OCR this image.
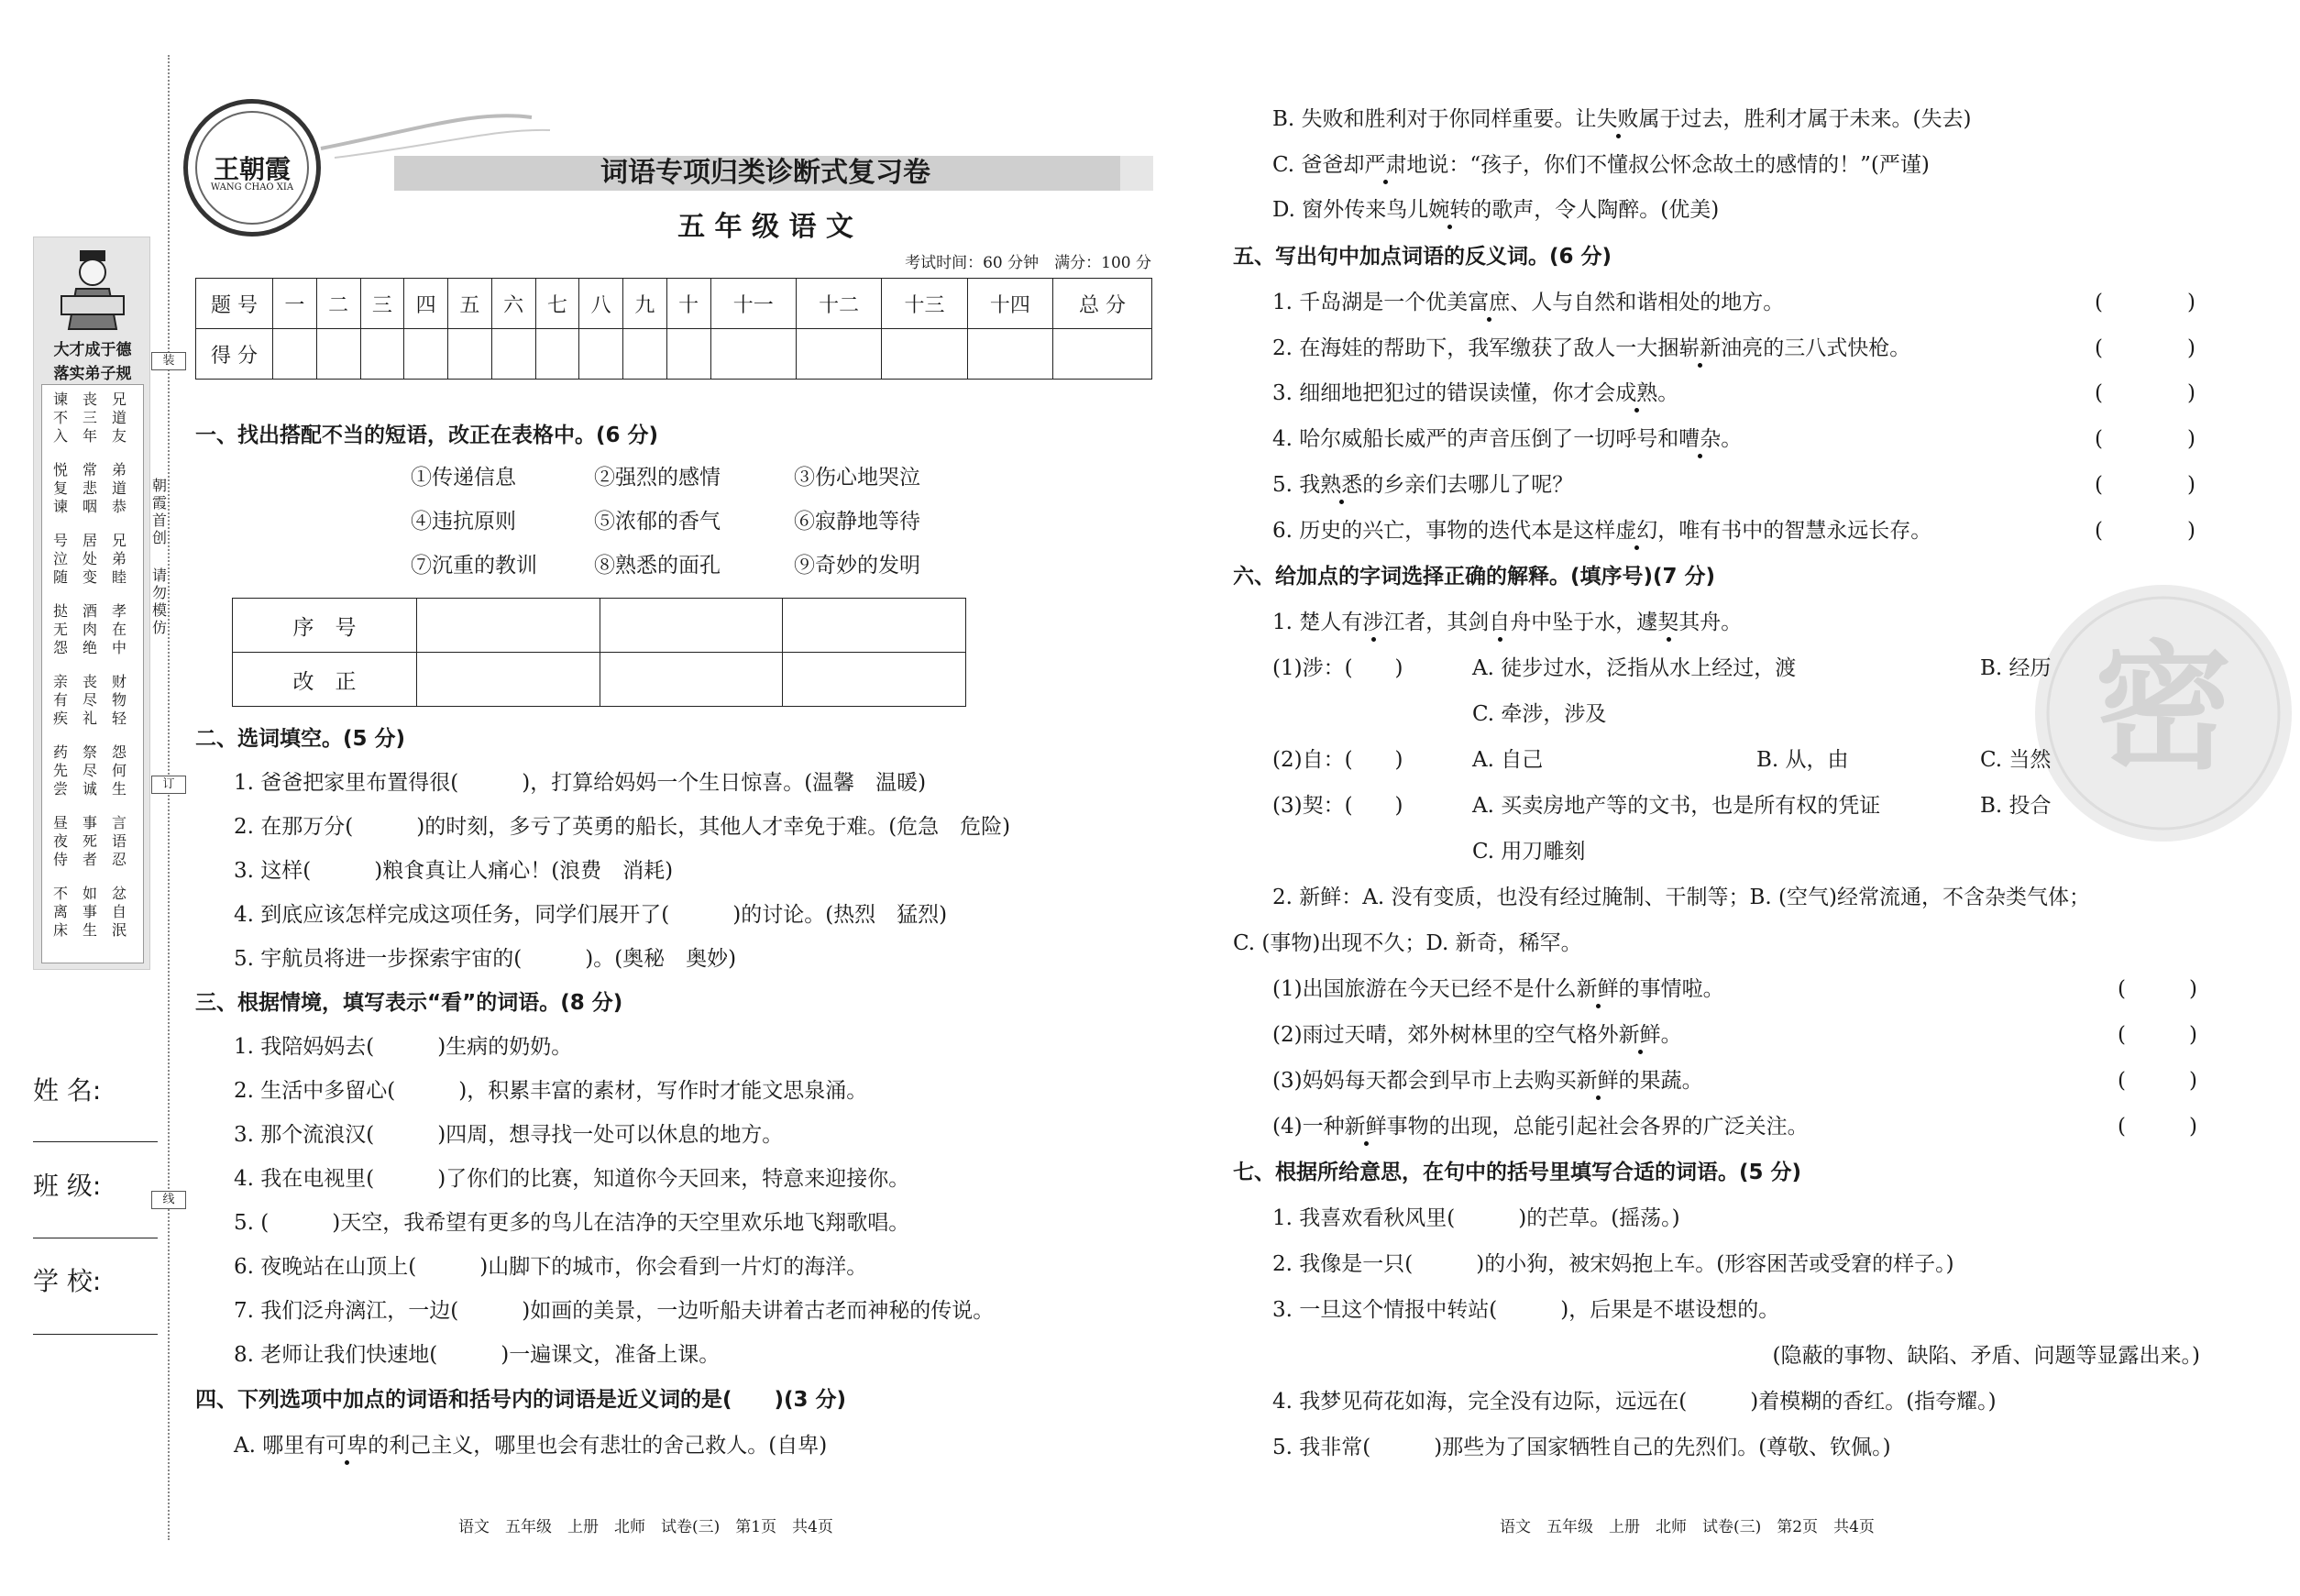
装
订
线
朝霞首创
请勿模仿
大才成于德
落实弟子规
兄道友
丧三年
谏不入
弟道恭
常悲咽
悦复谏
兄弟睦
居处变
号泣随
孝在中
酒肉绝
挞无怨
财物轻
丧尽礼
亲有疾
怨何生
祭尽诚
药先尝
言语忍
事死者
昼夜侍
忿自泯
如事生
不离床
姓 名:
班 级:
学 校:
王朝霞
WANG CHAO XIA	词语专项归类诊断式复习卷
五 年 级 语 文
考试时间：60 分钟　满分：100 分
题 号	一	二	三	四	五	六	七	八	九	十	十一	十二	十三	十四	总 分
得 分															
一、找出搭配不当的短语，改正在表格中。(6 分)
①传递信息	②强烈的感情	③伤心地哭泣
④违抗原则	⑤浓郁的香气	⑥寂静地等待
⑦沉重的教训	⑧熟悉的面孔	⑨奇妙的发明
序　号			
改　正			
二、选词填空。(5 分)
1. 爸爸把家里布置得很(　　　)，打算给妈妈一个生日惊喜。(温馨　温暖)
2. 在那万分(　　　)的时刻，多亏了英勇的船长，其他人才幸免于难。(危急　危险)
3. 这样(　　　)粮食真让人痛心！(浪费　消耗)
4. 到底应该怎样完成这项任务，同学们展开了(　　　)的讨论。(热烈　猛烈)
5. 宇航员将进一步探索宇宙的(　　　)。(奥秘　奥妙)
三、根据情境，填写表示“看”的词语。(8 分)
1. 我陪妈妈去(　　　)生病的奶奶。
2. 生活中多留心(　　　)，积累丰富的素材，写作时才能文思泉涌。
3. 那个流浪汉(　　　)四周，想寻找一处可以休息的地方。
4. 我在电视里(　　　)了你们的比赛，知道你今天回来，特意来迎接你。
5. (　　　)天空，我希望有更多的鸟儿在洁净的天空里欢乐地飞翔歌唱。
6. 夜晚站在山顶上(　　　)山脚下的城市，你会看到一片灯的海洋。
7. 我们泛舟漓江，一边(　　　)如画的美景，一边听船夫讲着古老而神秘的传说。
8. 老师让我们快速地(　　　)一遍课文，准备上课。
四、下列选项中加点的词语和括号内的词语是近义词的是(　　)(3 分)
A. 哪里有可卑的利己主义，哪里也会有悲壮的舍己救人。(自卑)
语文　五年级　上册　北师　试卷(三)　第1页　共4页
密
B. 失败和胜利对于你同样重要。让失败属于过去，胜利才属于未来。(失去)
C. 爸爸却严肃地说：“孩子，你们不懂叔公怀念故土的感情的！”(严谨)
D. 窗外传来鸟儿婉转的歌声，令人陶醉。(优美)
五、写出句中加点词语的反义词。(6 分)
1. 千岛湖是一个优美富庶、人与自然和谐相处的地方。	(　　　　)
2. 在海娃的帮助下，我军缴获了敌人一大捆崭新油亮的三八式快枪。	(　　　　)
3. 细细地把犯过的错误读懂，你才会成熟。	(　　　　)
4. 哈尔威船长威严的声音压倒了一切呼号和嘈杂。	(　　　　)
5. 我熟悉的乡亲们去哪儿了呢？	(　　　　)
6. 历史的兴亡，事物的迭代本是这样虚幻，唯有书中的智慧永远长存。	(　　　　)
六、给加点的字词选择正确的解释。(填序号)(7 分)
1. 楚人有涉江者，其剑自舟中坠于水，遽契其舟。
(1)涉：(　　)	A. 徒步过水，泛指从水上经过，渡	B. 经历
C. 牵涉，涉及
(2)自：(　　)	A. 自己	B. 从，由	C. 当然
(3)契：(　　)	A. 买卖房地产等的文书，也是所有权的凭证	B. 投合
C. 用刀雕刻
2. 新鲜：A. 没有变质，也没有经过腌制、干制等；B. (空气)经常流通，不含杂类气体；
C. (事物)出现不久；D. 新奇，稀罕。
(1)出国旅游在今天已经不是什么新鲜的事情啦。	(　　　)
(2)雨过天晴，郊外树林里的空气格外新鲜。	(　　　)
(3)妈妈每天都会到早市上去购买新鲜的果蔬。	(　　　)
(4)一种新鲜事物的出现，总能引起社会各界的广泛关注。	(　　　)
七、根据所给意思，在句中的括号里填写合适的词语。(5 分)
1. 我喜欢看秋风里(　　　)的芒草。(摇荡。)
2. 我像是一只(　　　)的小狗，被宋妈抱上车。(形容困苦或受窘的样子。)
3. 一旦这个情报中转站(　　　)，后果是不堪设想的。
(隐蔽的事物、缺陷、矛盾、问题等显露出来。)
4. 我梦见荷花如海，完全没有边际，远远在(　　　)着模糊的香红。(指夸耀。)
5. 我非常(　　　)那些为了国家牺牲自己的先烈们。(尊敬、钦佩。)
语文　五年级　上册　北师　试卷(三)　第2页　共4页
